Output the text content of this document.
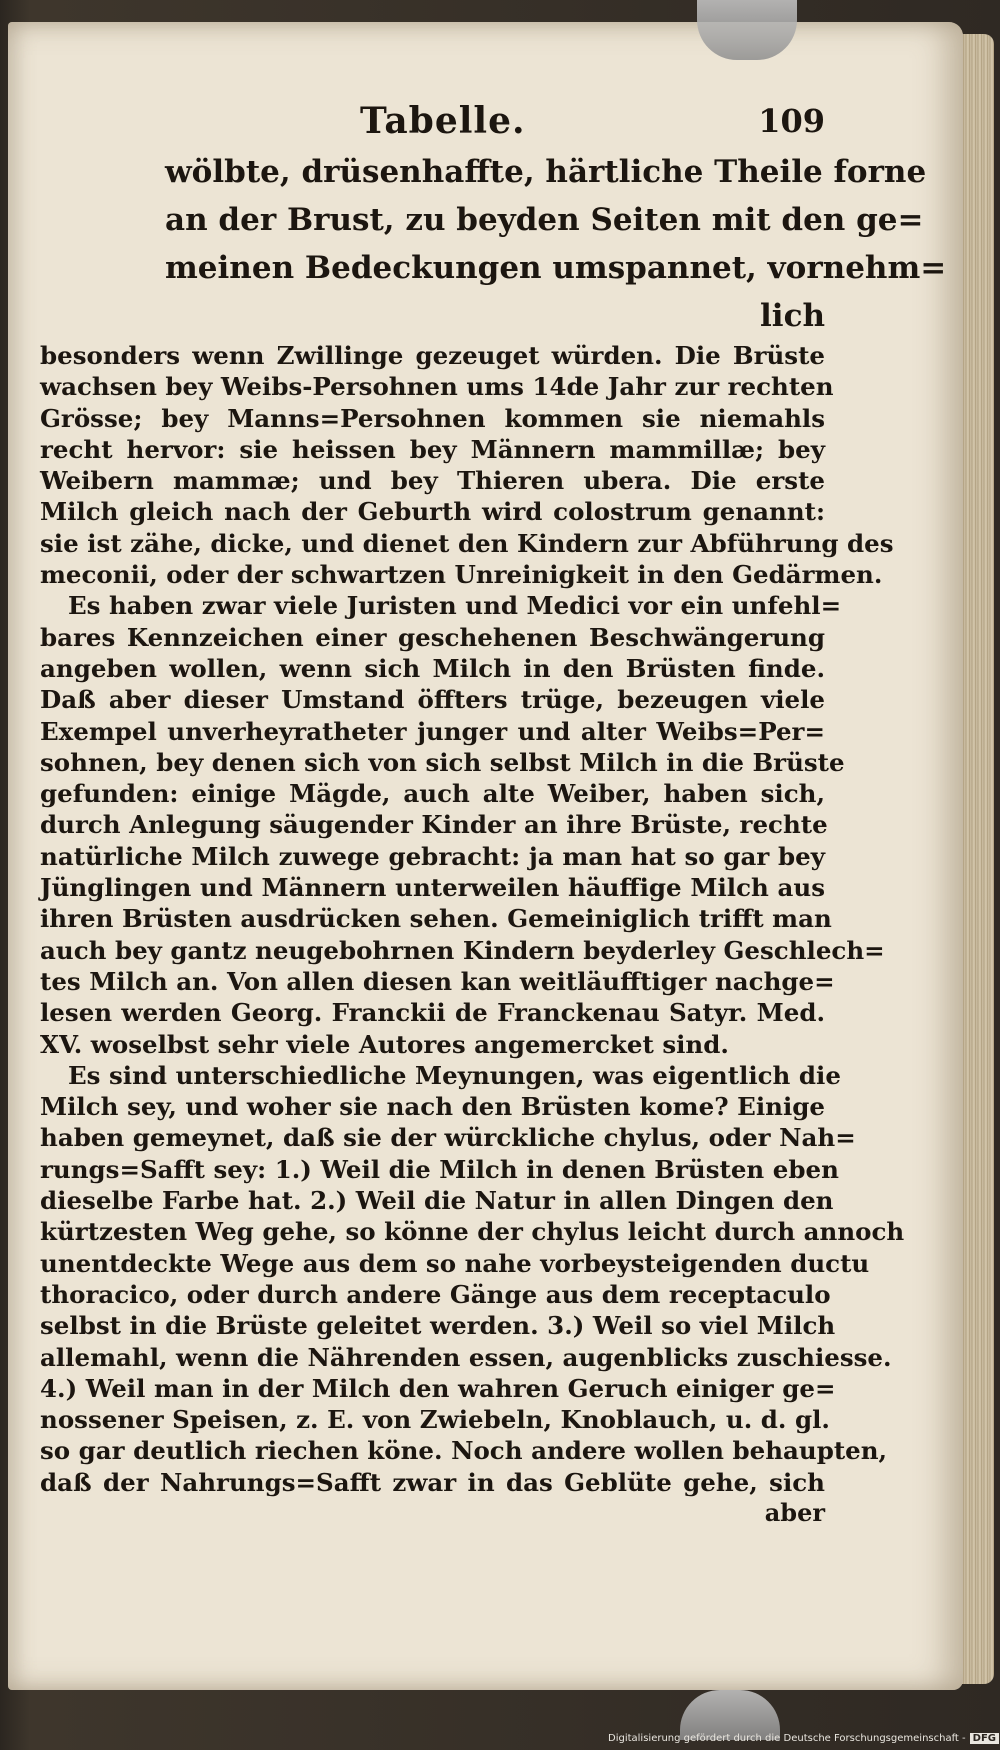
Tabelle.	109
wölbte, drüsenhaffte, härtliche Theile forne
an der Brust, zu beyden Seiten mit den ge=
meinen Bedeckungen umspannet, vornehm=
lich
besonders wenn Zwillinge gezeuget würden. Die Brüste
wachsen bey Weibs-Persohnen ums 14de Jahr zur rechten
Grösse; bey Manns=Persohnen kommen sie niemahls
recht hervor: sie heissen bey Männern mammillæ; bey
Weibern mammæ; und bey Thieren ubera. Die erste
Milch gleich nach der Geburth wird colostrum genannt:
sie ist zähe, dicke, und dienet den Kindern zur Abführung des
meconii, oder der schwartzen Unreinigkeit in den Gedärmen.
Es haben zwar viele Juristen und Medici vor ein unfehl=
bares Kennzeichen einer geschehenen Beschwängerung
angeben wollen, wenn sich Milch in den Brüsten finde.
Daß aber dieser Umstand öffters trüge, bezeugen viele
Exempel unverheyratheter junger und alter Weibs=Per=
sohnen, bey denen sich von sich selbst Milch in die Brüste
gefunden: einige Mägde, auch alte Weiber, haben sich,
durch Anlegung säugender Kinder an ihre Brüste, rechte
natürliche Milch zuwege gebracht: ja man hat so gar bey
Jünglingen und Männern unterweilen häuffige Milch aus
ihren Brüsten ausdrücken sehen. Gemeiniglich trifft man
auch bey gantz neugebohrnen Kindern beyderley Geschlech=
tes Milch an. Von allen diesen kan weitläufftiger nachge=
lesen werden Georg. Franckii de Franckenau Satyr. Med.
XV. woselbst sehr viele Autores angemercket sind.
Es sind unterschiedliche Meynungen, was eigentlich die
Milch sey, und woher sie nach den Brüsten kome? Einige
haben gemeynet, daß sie der würckliche chylus, oder Nah=
rungs=Safft sey: 1.) Weil die Milch in denen Brüsten eben
dieselbe Farbe hat. 2.) Weil die Natur in allen Dingen den
kürtzesten Weg gehe, so könne der chylus leicht durch annoch
unentdeckte Wege aus dem so nahe vorbeysteigenden ductu
thoracico, oder durch andere Gänge aus dem receptaculo
selbst in die Brüste geleitet werden. 3.) Weil so viel Milch
allemahl, wenn die Nährenden essen, augenblicks zuschiesse.
4.) Weil man in der Milch den wahren Geruch einiger ge=
nossener Speisen, z. E. von Zwiebeln, Knoblauch, u. d. gl.
so gar deutlich riechen köne. Noch andere wollen behaupten,
daß der Nahrungs=Safft zwar in das Geblüte gehe, sich
aber
Digitalisierung gefördert durch die Deutsche Forschungsgemeinschaft - DFG
